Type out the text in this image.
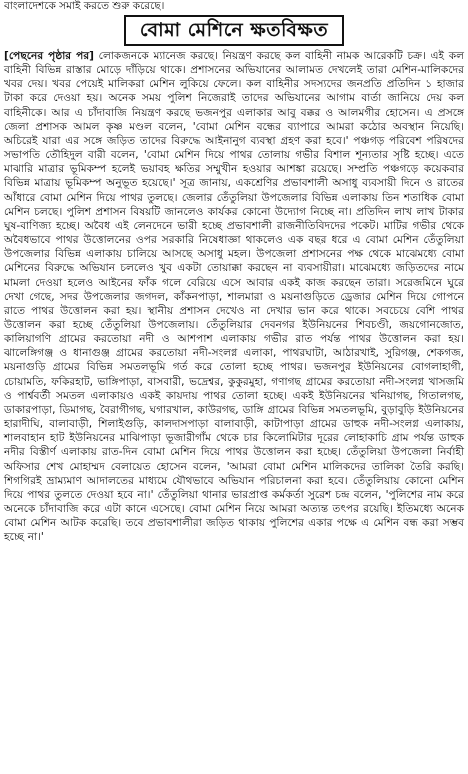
বাংলাদেশকে সমাই করতে শুরু করেছে।
বোমা মেশিনে ক্ষতবিক্ষত

[পেছনের পৃষ্ঠার পর] লোকজনকে ম্যানেজ করছে। নিয়ন্ত্রণ করছে কল বাহিনী নামক আরেকটি চক্র। এই কল বাহিনী বিভিন্ন রাস্তার মোড়ে দাঁড়িয়ে থাকে। প্রশাসনের অভিযানের আলামত দেখলেই তারা মেশিন-মালিকদের খবর দেয়। খবর পেয়েই মালিকরা মেশিন লুকিয়ে ফেলে। কল বাহিনীর সদস্যদের জনপ্রতি প্রতিদিন ১ হাজার টাকা করে দেওয়া হয়। অনেক সময় পুলিশ নিজেরাই তাদের অভিযানের আগাম বার্তা জানিয়ে দেয় কল বাহিনীকে। আর এ চাঁদাবাজি নিয়ন্ত্রণ করছে ভজনপুর এলাকার আবু বক্কর ও আলমগীর হোসেন। এ প্রসঙ্গে জেলা প্রশাসক আমল কৃষ্ণ মণ্ডল বলেন, 'বোমা মেশিন বন্ধের ব্যাপারে আমরা কঠোর অবস্থান নিয়েছি। অচিরেই যারা এর সঙ্গে জড়িত তাদের বিরুদ্ধে আইনানুগ ব্যবস্থা গ্রহণ করা হবে।' পঞ্চগড় পরিবেশ পরিষদের সভাপতি তৌহিদুল বারী বলেন, 'বোমা মেশিন দিয়ে পাথর তোলায় গভীর বিশাল শূন্যতার সৃষ্টি হচ্ছে। এতে মাঝারি মাত্রার ভূমিকম্প হলেই ভয়াবহ ক্ষতির সম্মুখীন হওয়ার আশঙ্কা রয়েছে। সম্প্রতি পঞ্চগড়ে কয়েকবার বিভিন্ন মাত্রায় ভূমিকম্প অনুভূত হয়েছে।' সূত্র জানায়, একশ্রেণির প্রভাবশালী অসাধু ব্যবসায়ী দিনে ও রাতের আঁধারে বোমা মেশিন দিয়ে পাথর তুলছে। জেলার তেঁতুলিয়া উপজেলার বিভিন্ন এলাকায় তিন শতাধিক বোমা মেশিন চলছে। পুলিশ প্রশাসন বিষয়টি জানলেও কার্যকর কোনো উদ্যোগ নিচ্ছে না। প্রতিদিন লাখ লাখ টাকার ঘুষ-বাণিজ্য হচ্ছে। অবৈধ এই লেনদেনে ভারী হচ্ছে প্রভাবশালী রাজনীতিবিদদের পকেট। মাটির গভীর থেকে অবৈধভাবে পাথর উত্তোলনের ওপর সরকারি নিষেধাজ্ঞা থাকলেও এক বছর ধরে এ বোমা মেশিন তেঁতুলিয়া উপজেলার বিভিন্ন এলাকায় চালিয়ে আসছে অসাধু মহল। উপজেলা প্রশাসনের পক্ষ থেকে মাঝেমধ্যে বোমা মেশিনের বিরুদ্ধে অভিযান চললেও খুব একটা তোয়াক্কা করছেন না ব্যবসায়ীরা। মাঝেমধ্যে জড়িতদের নামে মামলা দেওয়া হলেও আইনের ফাঁক গলে বেরিয়ে এসে আবার একই কাজ করছেন তারা। সরেজমিনে ঘুরে দেখা গেছে, সদর উপজেলার জগদল, কাঁকনপাড়া, শালমারা ও ময়নাগুড়িতে ড্রেজার মেশিন দিয়ে গোপনে রাতে পাথর উত্তোলন করা হয়। স্থানীয় প্রশাসন দেখেও না দেখার ভান করে থাকে। সবচেয়ে বেশি পাথর উত্তোলন করা হচ্ছে তেঁতুলিয়া উপজেলায়। তেঁতুলিয়ার দেবনগর ইউনিয়নের শিবচণ্ডী, জয়গোনজোত, কালিয়াগণি গ্রামের করতোয়া নদী ও আশপাশ এলাকায় গভীর রাত পর্যন্ত পাথর উত্তোলন করা হয়। ঝালেঙ্গিগঞ্জ ও ধানাগুঞ্জ গ্রামের করতোয়া নদী-সংলগ্ন এলাকা, পাথরঘাটা, আঠারখাই, সুরিগঞ্জ, শেকগজ, ময়নাগুড়ি গ্রামের বিভিন্ন সমতলভূমি গর্ত করে তোলা হচ্ছে পাথর। ভজনপুর ইউনিয়নের বোগলাহাগী, চোয়ামতি, ফকিরহাট, ভাঙ্গিপাড়া, বাসবারী, ভদ্রেশ্বর, কুকুরমুহা, গণাগছ গ্রামের করতোয়া নদী-সংলগ্ন খাসজমি ও পার্শ্ববর্তী সমতল এলাকায়ও একই কায়দায় পাথর তোলা হচ্ছে। একই ইউনিয়নের খনিয়াগছ, গিতালগছ, ডাকারপাড়া, ডিমাগছ, বৈরাগীগছ, ঘগারখাল, কাউরগছ, ডাঙ্গি গ্রামের বিভিন্ন সমতলভূমি, বুড়াবুড়ি ইউনিয়নের হারাদীঘি, বালাবাড়ী, শিলাইগুড়ি, কালদাসপাড়া বালাবাড়ী, কাটাপাড়া গ্রামের ডাহুক নদী-সংলগ্ন এলাকায়, শালবাহান হাট ইউনিয়নের মাঝিপাড়া ভূজারীগাঁম থেকে চার কিলোমিটার দূরের লোহাকাচি গ্রাম পর্যন্ত ডাহুক নদীর বিস্তীর্ণ এলাকায় রাত-দিন বোমা মেশিন দিয়ে পাথর উত্তোলন করা হচ্ছে। তেঁতুলিয়া উপজেলা নির্বাহী অফিসার শেখ মোহাম্মদ বেলায়েত হোসেন বলেন, 'আমরা বোমা মেশিন মালিকদের তালিকা তৈরি করছি। শিগগিরই ভ্রাম্যমাণ আদালতের মাধ্যমে যৌথভাবে অভিযান পরিচালনা করা হবে। তেঁতুলিয়ায় কোনো মেশিন দিয়ে পাথর তুলতে দেওয়া হবে না।' তেঁতুলিয়া থানার ভারপ্রাপ্ত কর্মকর্তা সুরেশ চন্দ্র বলেন, 'পুলিশের নাম করে অনেকে চাঁদাবাজি করে এটা কানে এসেছে। বোমা মেশিন নিয়ে আমরা অত্যন্ত তৎপর রয়েছি। ইতিমধ্যে অনেক বোমা মেশিন আটক করেছি। তবে প্রভাবশালীরা জড়িত থাকায় পুলিশের একার পক্ষে এ মেশিন বন্ধ করা সম্ভব হচ্ছে না।'
